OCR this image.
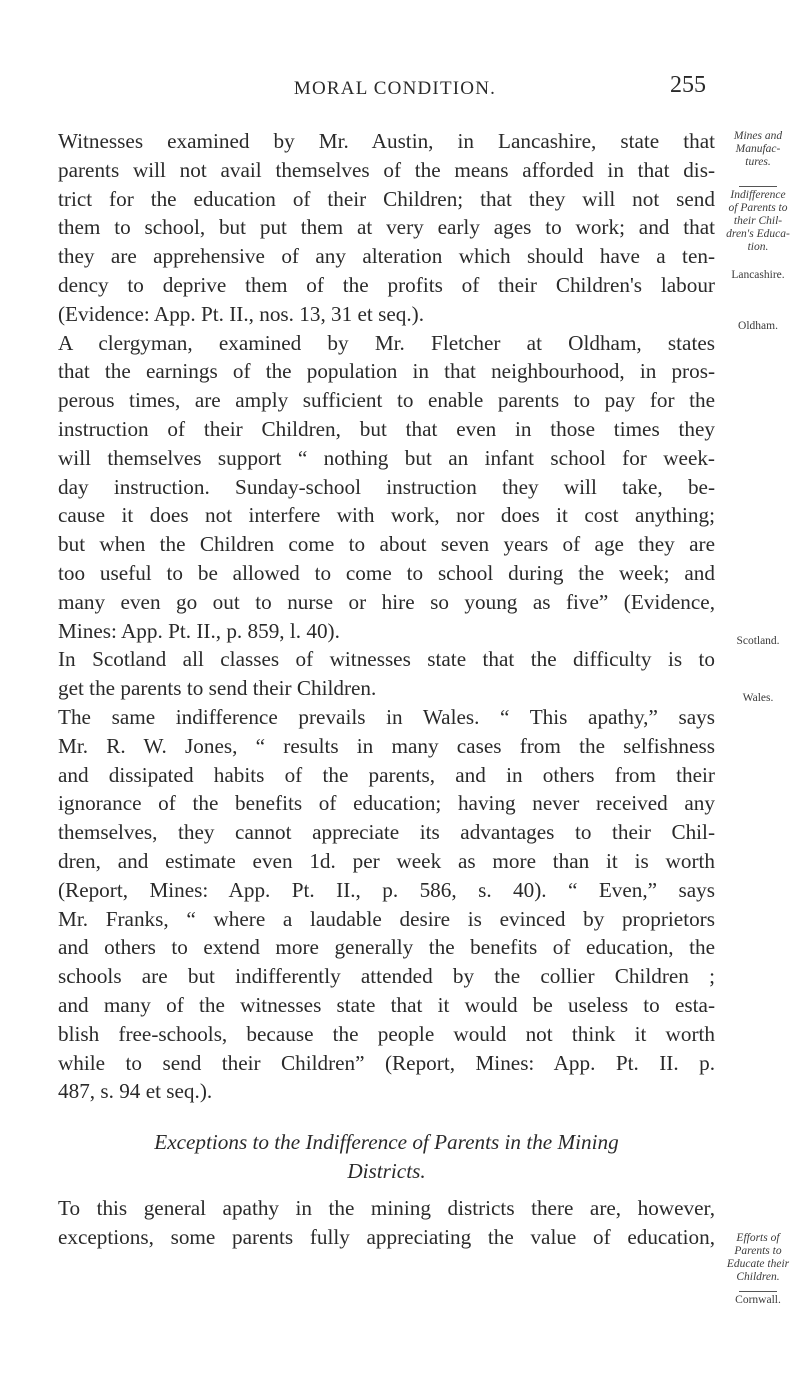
MORAL CONDITION.	255

Witnesses examined by Mr. Austin, in Lancashire, state that
parents will not avail themselves of the means afforded in that dis-
trict for the education of their Children; that they will not send
them to school, but put them at very early ages to work; and that
they are apprehensive of any alteration which should have a ten-
dency to deprive them of the profits of their Children's labour
(Evidence: App. Pt. II., nos. 13, 31 et seq.).

A clergyman, examined by Mr. Fletcher at Oldham, states
that the earnings of the population in that neighbourhood, in pros-
perous times, are amply sufficient to enable parents to pay for the
instruction of their Children, but that even in those times they
will themselves support “ nothing but an infant school for week-
day instruction. Sunday-school instruction they will take, be-
cause it does not interfere with work, nor does it cost anything;
but when the Children come to about seven years of age they are
too useful to be allowed to come to school during the week; and
many even go out to nurse or hire so young as five” (Evidence,
Mines: App. Pt. II., p. 859, l. 40).

In Scotland all classes of witnesses state that the difficulty is to
get the parents to send their Children.

The same indifference prevails in Wales. “ This apathy,” says
Mr. R. W. Jones, “ results in many cases from the selfishness
and dissipated habits of the parents, and in others from their
ignorance of the benefits of education; having never received any
themselves, they cannot appreciate its advantages to their Chil-
dren, and estimate even 1d. per week as more than it is worth
(Report, Mines: App. Pt. II., p. 586, s. 40). “ Even,” says
Mr. Franks, “ where a laudable desire is evinced by proprietors
and others to extend more generally the benefits of education, the
schools are but indifferently attended by the collier Children ;
and many of the witnesses state that it would be useless to esta-
blish free-schools, because the people would not think it worth
while to send their Children” (Report, Mines: App. Pt. II. p.
487, s. 94 et seq.).

Exceptions to the Indifference of Parents in the Mining
Districts.

To this general apathy in the mining districts there are, however,
exceptions, some parents fully appreciating the value of education,

Mines and
Manufac-
tures.
Indifference
of Parents to
their Chil-
dren's Educa-
tion.
Lancashire.
Oldham.
Scotland.
Wales.
Efforts of
Parents to
Educate their
Children.
Cornwall.
